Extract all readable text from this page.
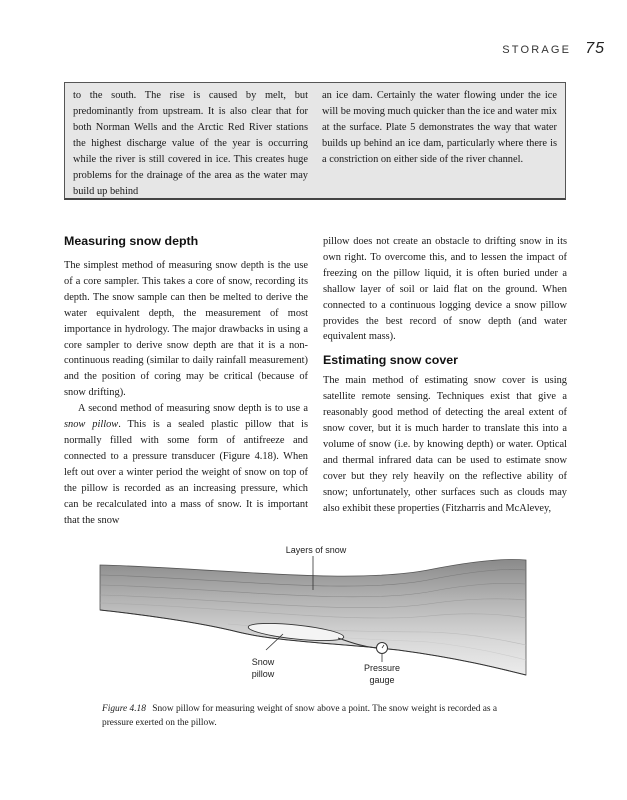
STORAGE 75

to the south. The rise is caused by melt, but predominantly from upstream. It is also clear that for both Norman Wells and the Arctic Red River stations the highest discharge value of the year is occurring while the river is still covered in ice. This creates huge problems for the drainage of the area as the water may build up behind

an ice dam. Certainly the water flowing under the ice will be moving much quicker than the ice and water mix at the surface. Plate 5 demonstrates the way that water builds up behind an ice dam, particularly where there is a constriction on either side of the river channel.

Measuring snow depth

The simplest method of measuring snow depth is the use of a core sampler. This takes a core of snow, recording its depth. The snow sample can then be melted to derive the water equivalent depth, the measurement of most importance in hydrology. The major drawbacks in using a core sampler to derive snow depth are that it is a non-continuous reading (similar to daily rainfall measurement) and the position of coring may be critical (because of snow drifting).

A second method of measuring snow depth is to use a snow pillow. This is a sealed plastic pillow that is normally filled with some form of antifreeze and connected to a pressure transducer (Figure 4.18). When left out over a winter period the weight of snow on top of the pillow is recorded as an increasing pressure, which can be recalculated into a mass of snow. It is important that the snow

pillow does not create an obstacle to drifting snow in its own right. To overcome this, and to lessen the impact of freezing on the pillow liquid, it is often buried under a shallow layer of soil or laid flat on the ground. When connected to a continuous logging device a snow pillow provides the best record of snow depth (and water equivalent mass).

Estimating snow cover

The main method of estimating snow cover is using satellite remote sensing. Techniques exist that give a reasonably good method of detecting the areal extent of snow cover, but it is much harder to translate this into a volume of snow (i.e. by knowing depth) or water. Optical and thermal infrared data can be used to estimate snow cover but they rely heavily on the reflective ability of snow; unfortunately, other surfaces such as clouds may also exhibit these properties (Fitzharris and McAlevey,

Layers of snow
Snow
pillow
Pressure
gauge
Figure 4.18 Snow pillow for measuring weight of snow above a point. The snow weight is recorded as a pressure exerted on the pillow.
